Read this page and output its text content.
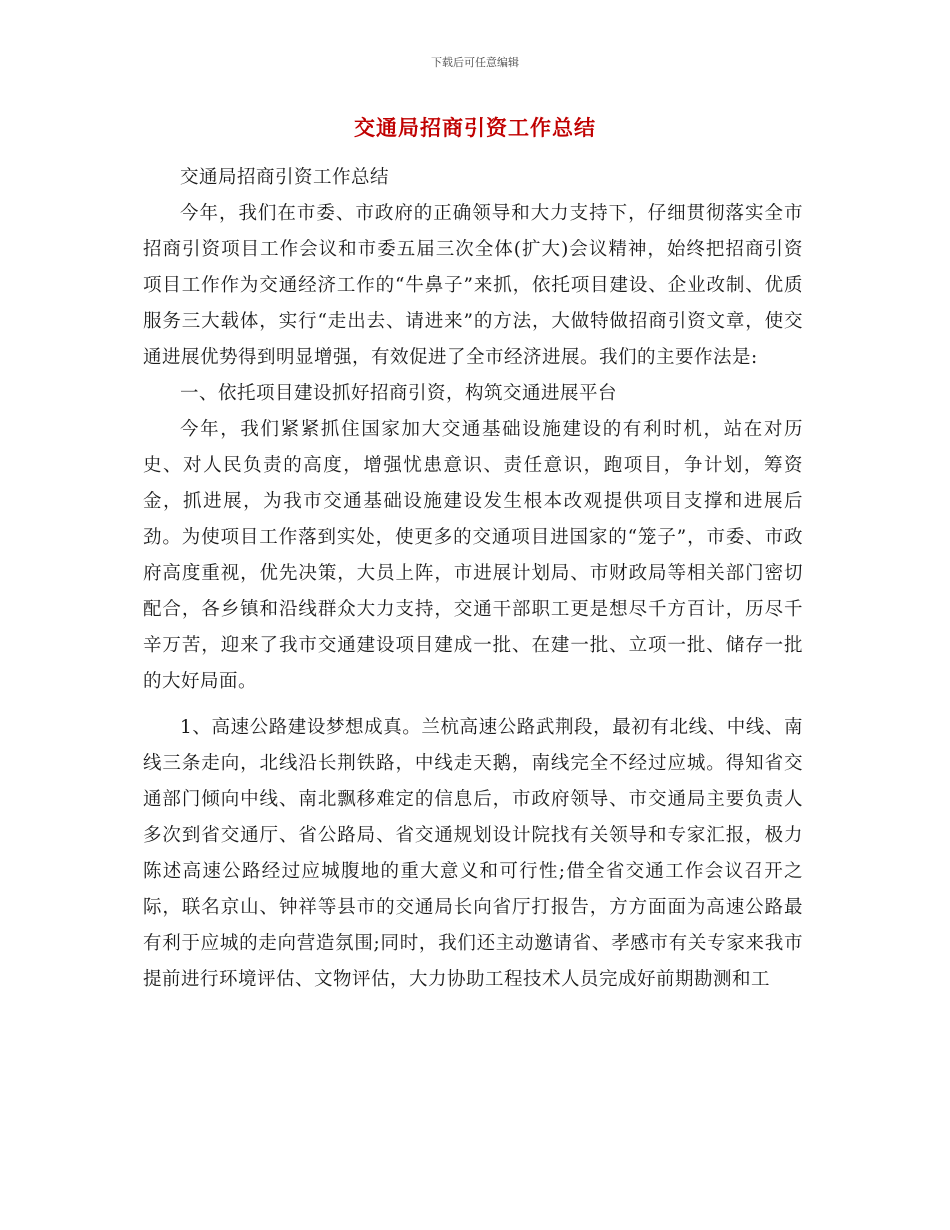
下载后可任意编辑
交通局招商引资工作总结

交通局招商引资工作总结

今年，我们在市委、市政府的正确领导和大力支持下，仔细贯彻落实全市招商引资项目工作会议和市委五届三次全体(扩大)会议精神，始终把招商引资项目工作作为交通经济工作的“牛鼻子”来抓，依托项目建设、企业改制、优质服务三大载体，实行“走出去、请进来”的方法，大做特做招商引资文章，使交通进展优势得到明显增强，有效促进了全市经济进展。我们的主要作法是:

一、依托项目建设抓好招商引资，构筑交通进展平台

今年，我们紧紧抓住国家加大交通基础设施建设的有利时机，站在对历史、对人民负责的高度，增强忧患意识、责任意识，跑项目，争计划，筹资金，抓进展，为我市交通基础设施建设发生根本改观提供项目支撑和进展后劲。为使项目工作落到实处，使更多的交通项目进国家的“笼子”，市委、市政府高度重视，优先决策，大员上阵，市进展计划局、市财政局等相关部门密切配合，各乡镇和沿线群众大力支持，交通干部职工更是想尽千方百计，历尽千辛万苦，迎来了我市交通建设项目建成一批、在建一批、立项一批、储存一批的大好局面。

1、高速公路建设梦想成真。兰杭高速公路武荆段，最初有北线、中线、南线三条走向，北线沿长荆铁路，中线走天鹅，南线完全不经过应城。得知省交通部门倾向中线、南北飘移难定的信息后，市政府领导、市交通局主要负责人多次到省交通厅、省公路局、省交通规划设计院找有关领导和专家汇报，极力陈述高速公路经过应城腹地的重大意义和可行性;借全省交通工作会议召开之际，联名京山、钟祥等县市的交通局长向省厅打报告，方方面面为高速公路最有利于应城的走向营造氛围;同时，我们还主动邀请省、孝感市有关专家来我市提前进行环境评估、文物评估，大力协助工程技术人员完成好前期勘测和工
